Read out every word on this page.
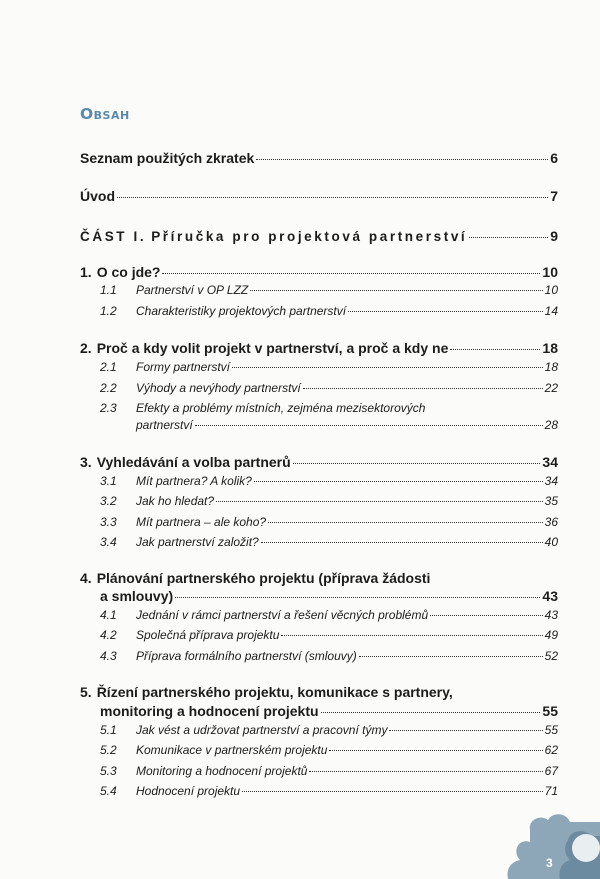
Obsah
Seznam použitých zkratek	6
Úvod	7
ČÁST I. Příručka pro projektová partnerství	9
1. O co jde?	10
1.1	Partnerství v OP LZZ	10
1.2	Charakteristiky projektových partnerství	14
2. Proč a kdy volit projekt v partnerství, a proč a kdy ne	18
2.1	Formy partnerství	18
2.2	Výhody a nevýhody partnerství	22
2.3	Efekty a problémy místních, zejména mezisektorových
partnerství	28
3. Vyhledávání a volba partnerů	34
3.1	Mít partnera? A kolik?	34
3.2	Jak ho hledat?	35
3.3	Mít partnera – ale koho?	36
3.4	Jak partnerství založit?	40
4. Plánování partnerského projektu (příprava žádosti
a smlouvy)	43
4.1	Jednání v rámci partnerství a řešení věcných problémů	43
4.2	Společná příprava projektu	49
4.3	Příprava formálního partnerství (smlouvy)	52
5. Řízení partnerského projektu, komunikace s partnery,
monitoring a hodnocení projektu	55
5.1	Jak vést a udržovat partnerství a pracovní týmy	55
5.2	Komunikace v partnerském projektu	62
5.3	Monitoring a hodnocení projektů	67
5.4	Hodnocení projektu	71
3
